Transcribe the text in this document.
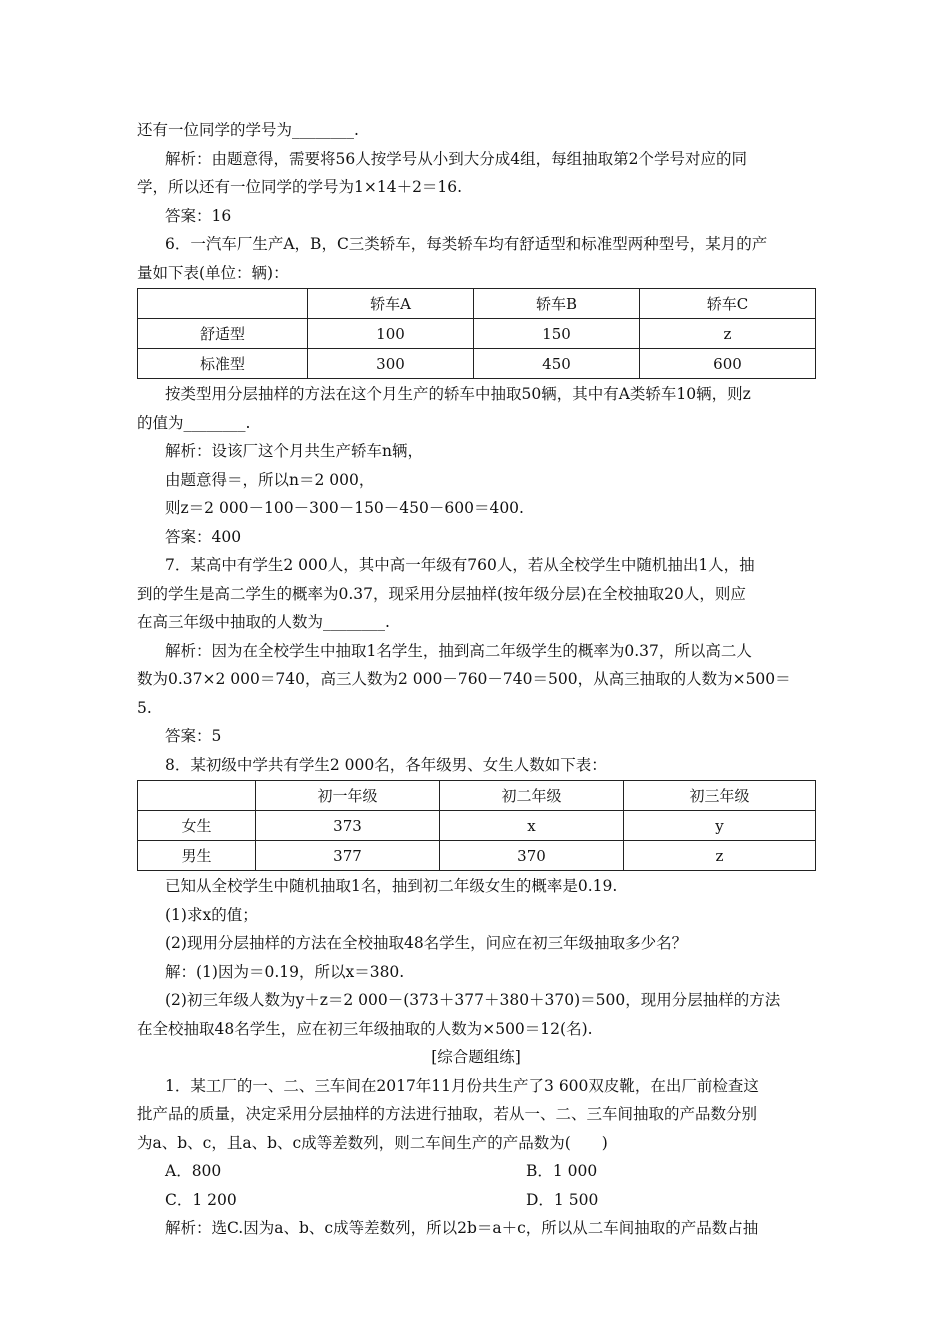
还有一位同学的学号为________.

解析：由题意得，需要将56人按学号从小到大分成4组，每组抽取第2个学号对应的同

学，所以还有一位同学的学号为1×14＋2＝16.

答案：16

6．一汽车厂生产A，B，C三类轿车，每类轿车均有舒适型和标准型两种型号，某月的产

量如下表(单位：辆)：

	轿车A	轿车B	轿车C
舒适型	100	150	z
标准型	300	450	600

按类型用分层抽样的方法在这个月生产的轿车中抽取50辆，其中有A类轿车10辆，则z

的值为________.

解析：设该厂这个月共生产轿车n辆，

由题意得＝，所以n＝2 000，

则z＝2 000－100－300－150－450－600＝400.

答案：400

7．某高中有学生2 000人，其中高一年级有760人，若从全校学生中随机抽出1人，抽

到的学生是高二学生的概率为0.37，现采用分层抽样(按年级分层)在全校抽取20人，则应

在高三年级中抽取的人数为________.

解析：因为在全校学生中抽取1名学生，抽到高二年级学生的概率为0.37，所以高二人

数为0.37×2 000＝740，高三人数为2 000－760－740＝500，从高三抽取的人数为×500＝

5.

答案：5

8．某初级中学共有学生2 000名，各年级男、女生人数如下表：

	初一年级	初二年级	初三年级
女生	373	x	y
男生	377	370	z

已知从全校学生中随机抽取1名，抽到初二年级女生的概率是0.19.

(1)求x的值；

(2)现用分层抽样的方法在全校抽取48名学生，问应在初三年级抽取多少名？

解：(1)因为＝0.19，所以x＝380.

(2)初三年级人数为y＋z＝2 000－(373＋377＋380＋370)＝500，现用分层抽样的方法

在全校抽取48名学生，应在初三年级抽取的人数为×500＝12(名).

[综合题组练]

1．某工厂的一、二、三车间在2017年11月份共生产了3 600双皮靴，在出厂前检查这

批产品的质量，决定采用分层抽样的方法进行抽取，若从一、二、三车间抽取的产品数分别

为a、b、c，且a、b、c成等差数列，则二车间生产的产品数为(　　)

A．800	B．1 000
C．1 200	D．1 500

解析：选C.因为a、b、c成等差数列，所以2b＝a＋c，所以从二车间抽取的产品数占抽
